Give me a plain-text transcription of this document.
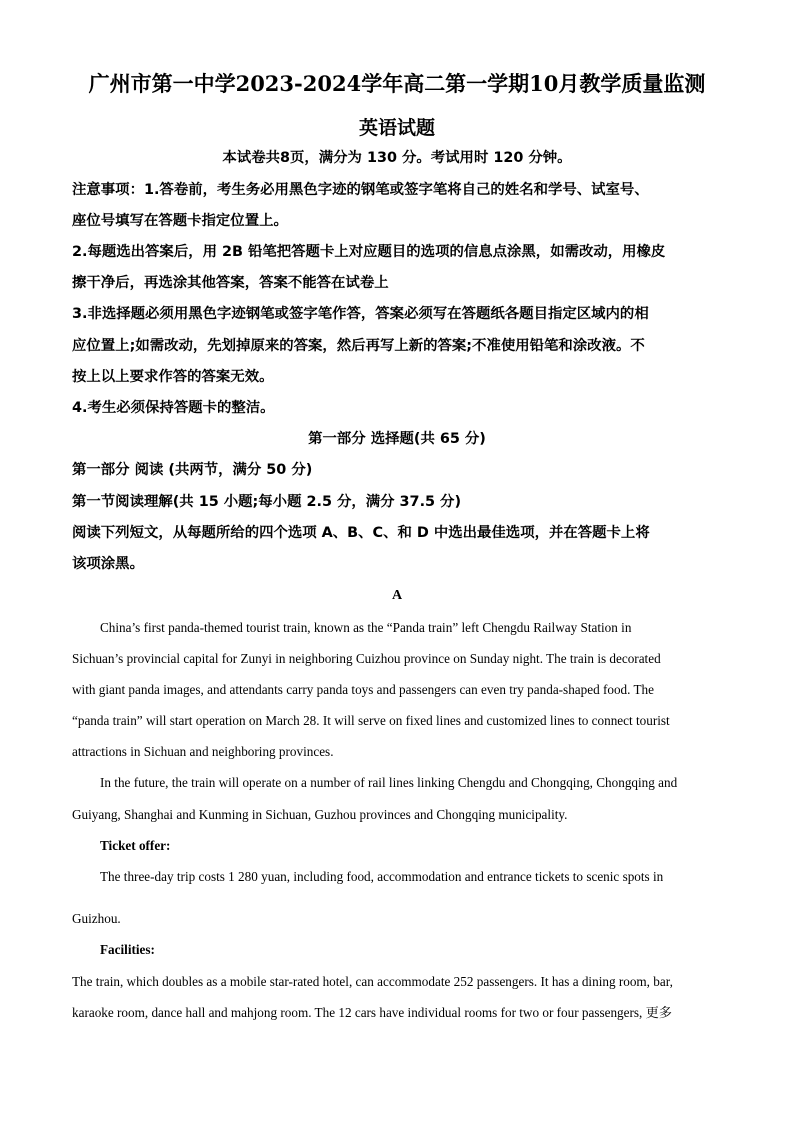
广州市第一中学2023-2024学年高二第一学期10月教学质量监测
英语试题
本试卷共8页，满分为 130 分。考试用时 120 分钟。
注意事项：1.答卷前，考生务必用黑色字迹的钢笔或签字笔将自己的姓名和学号、试室号、
座位号填写在答题卡指定位置上。
2.每题选出答案后，用 2B 铅笔把答题卡上对应题目的选项的信息点涂黑，如需改动，用橡皮
擦干净后，再选涂其他答案，答案不能答在试卷上
3.非选择题必须用黑色字迹钢笔或签字笔作答，答案必须写在答题纸各题目指定区域内的相
应位置上;如需改动，先划掉原来的答案，然后再写上新的答案;不准使用铅笔和涂改液。不
按上以上要求作答的答案无效。
4.考生必须保持答题卡的整洁。
第一部分 选择题(共 65 分)
第一部分 阅读 (共两节，满分 50 分)
第一节阅读理解(共 15 小题;每小题 2.5 分，满分 37.5 分)
阅读下列短文，从每题所给的四个选项 A、B、C、和 D 中选出最佳选项，并在答题卡上将
该项涂黑。
A
China’s first panda-themed tourist train, known as the “Panda train” left Chengdu Railway Station in
Sichuan’s provincial capital for Zunyi in neighboring Cuizhou province on Sunday night. The train is decorated
with giant panda images, and attendants carry panda toys and passengers can even try panda-shaped food. The
“panda train” will start operation on March 28. It will serve on fixed lines and customized lines to connect tourist
attractions in Sichuan and neighboring provinces.
In the future, the train will operate on a number of rail lines linking Chengdu and Chongqing, Chongqing and
Guiyang, Shanghai and Kunming in Sichuan, Guzhou provinces and Chongqing municipality.
Ticket offer:
The three-day trip costs 1 280 yuan, including food, accommodation and entrance tickets to scenic spots in
Guizhou.
Facilities:
The train, which doubles as a mobile star-rated hotel, can accommodate 252 passengers. It has a dining room, bar,
karaoke room, dance hall and mahjong room. The 12 cars have individual rooms for two or four passengers, 更多
